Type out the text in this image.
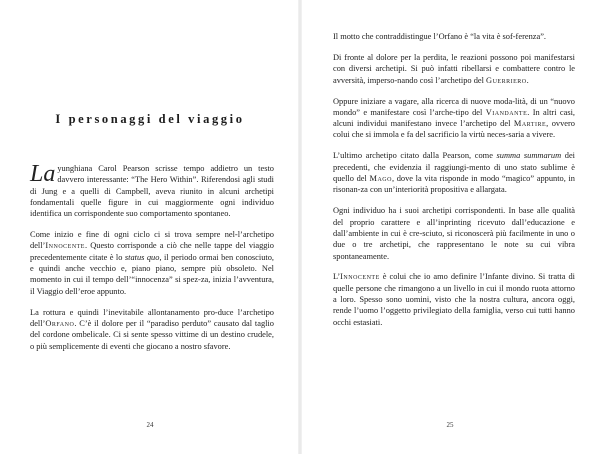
I personaggi del viaggio

La yunghiana Carol Pearson scrisse tempo addietro un testo davvero interessante: “The Hero Within”. Riferendosi agli studi di Jung e a quelli di Campbell, aveva riunito in alcuni archetipi fondamentali quelle figure in cui maggiormente ogni individuo identifica un corrispondente suo comportamento spontaneo.

Come inizio e fine di ogni ciclo ci si trova sempre nel-l’archetipo dell’Innocente. Questo corrisponde a ciò che nelle tappe del viaggio precedentemente citate è lo status quo, il periodo ormai ben conosciuto, e quindi anche vecchio e, piano piano, sempre più obsoleto. Nel momento in cui il tempo dell’“innocenza” si spez-za, inizia l’avventura, il Viaggio dell’eroe appunto.

La rottura e quindi l’inevitabile allontanamento pro-duce l’archetipo dell’Orfano. C’è il dolore per il “paradiso perduto” causato dal taglio del cordone ombelicale. Ci si sente spesso vittime di un destino crudele, o più semplicemente di eventi che giocano a nostro sfavore.

24

Il motto che contraddistingue l’Orfano è “la vita è sof-ferenza”.

Di fronte al dolore per la perdita, le reazioni possono poi manifestarsi con diversi archetipi. Si può infatti ribellarsi e combattere contro le avversità, imperso-nando così l’archetipo del Guerriero.

Oppure iniziare a vagare, alla ricerca di nuove moda-lità, di un “nuovo mondo” e manifestare così l’arche-tipo del Viandante. In altri casi, alcuni individui manifestano invece l’archetipo del Martire, ovvero colui che si immola e fa del sacrificio la virtù neces-saria a vivere.

L’ultimo archetipo citato dalla Pearson, come summa summarum dei precedenti, che evidenzia il raggiungi-mento di uno stato sublime è quello del Mago, dove la vita risponde in modo “magico” appunto, in risonan-za con un’interiorità propositiva e allargata.

Ogni individuo ha i suoi archetipi corrispondenti. In base alle qualità del proprio carattere e all’inprinting ricevuto dall’educazione e dall’ambiente in cui è cre-sciuto, si riconoscerà più facilmente in uno o due o tre archetipi, che rappresentano le note su cui vibra spontaneamente.

L’Innocente è colui che io amo definire l’Infante divino. Si tratta di quelle persone che rimangono a un livello in cui il mondo ruota attorno a loro. Spesso sono uomini, visto che la nostra cultura, ancora oggi, rende l’uomo l’oggetto privilegiato della famiglia, verso cui tutti hanno occhi estasiati.

25
